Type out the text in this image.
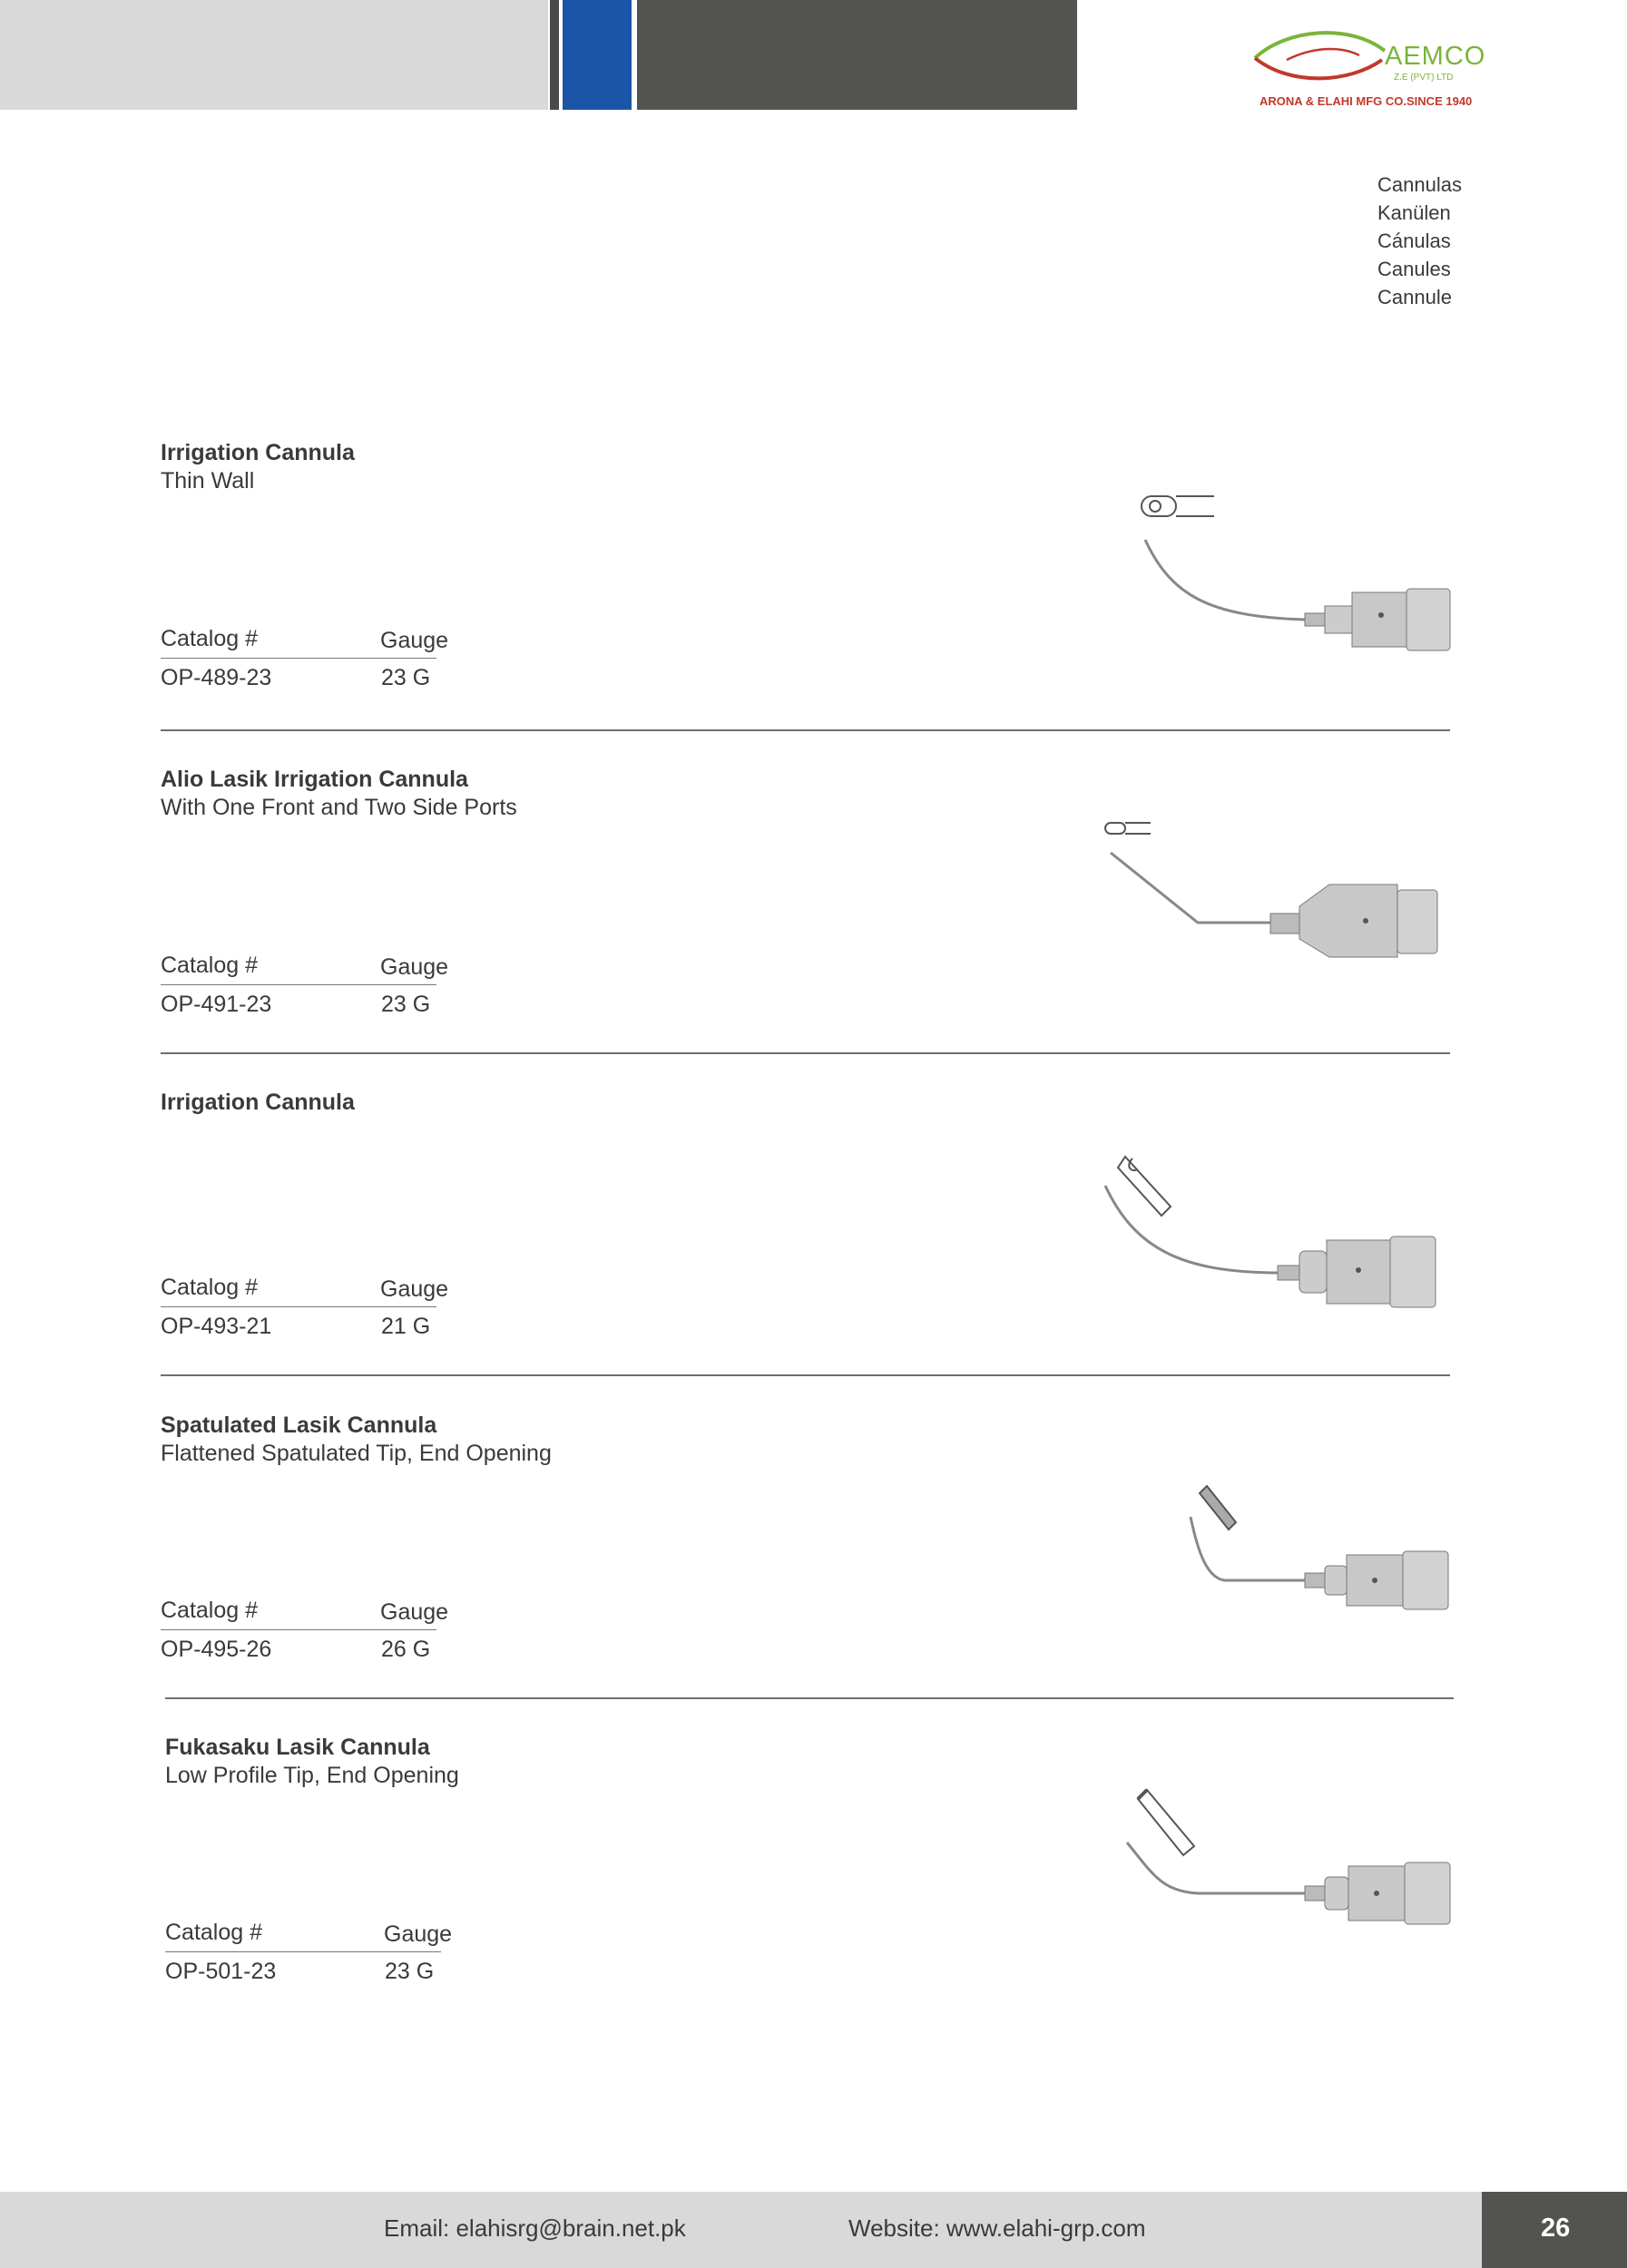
AEMCO
Z.E (PVT) LTD
ARONA & ELAHI MFG CO.SINCE 1940
Cannulas
Kanülen
Cánulas
Canules
Cannule
Irrigation Cannula
Thin Wall
Catalog #	Gauge
OP-489-23	23 G
Alio Lasik Irrigation Cannula
With One Front and Two Side Ports
Catalog #	Gauge
OP-491-23	23 G
Irrigation Cannula
Catalog #	Gauge
OP-493-21	21 G
Spatulated Lasik Cannula
Flattened Spatulated Tip, End Opening
Catalog #	Gauge
OP-495-26	26 G
Fukasaku Lasik Cannula
Low Profile Tip, End Opening
Catalog #	Gauge
OP-501-23	23 G
Email: elahisrg@brain.net.pk	Website: www.elahi-grp.com	26
